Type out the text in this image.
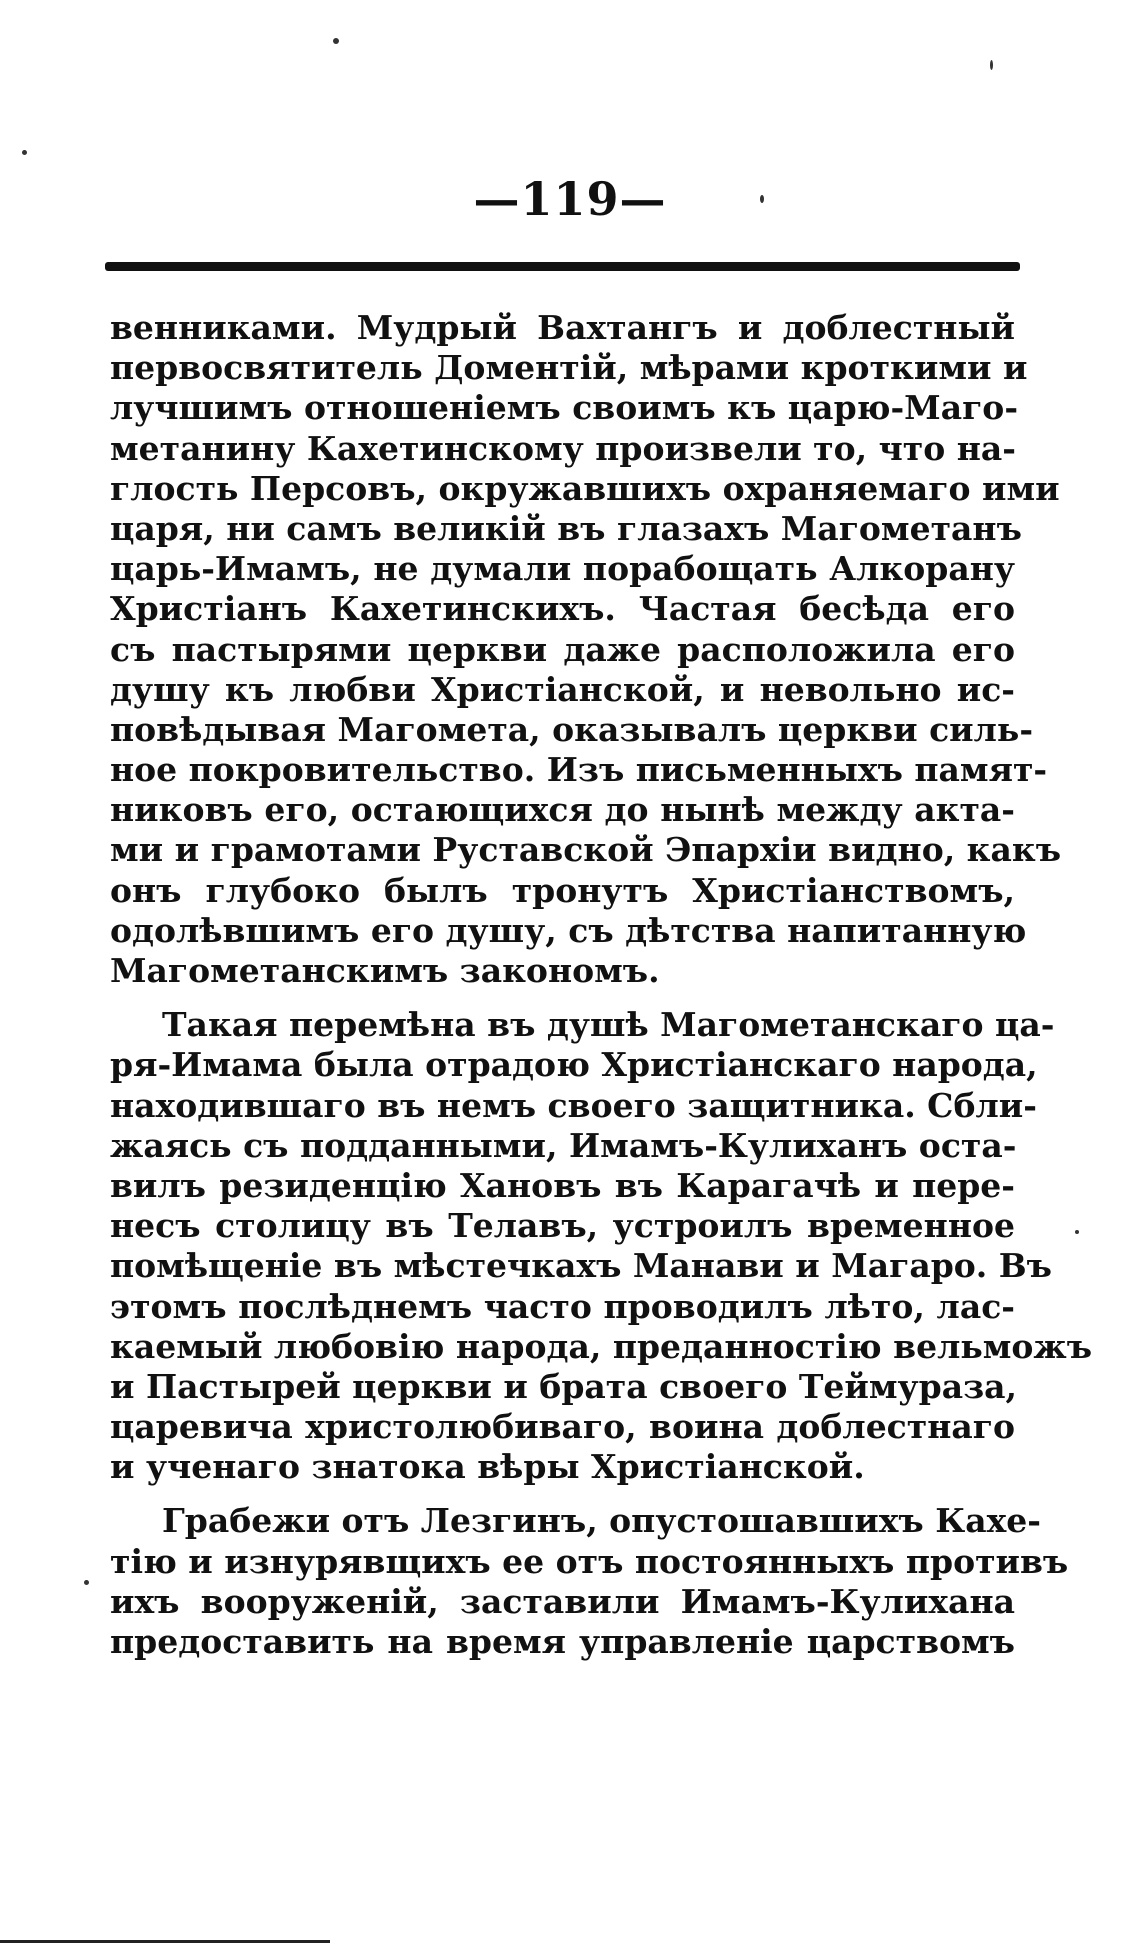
—119—
венниками. Мудрый Вахтангъ и доблестный
первосвятитель Доментій, мѣрами кроткими и
лучшимъ отношеніемъ своимъ къ царю-Маго-
метанину Кахетинскому произвели то, что на-
глость Персовъ, окружавшихъ охраняемаго ими
царя, ни самъ великій въ глазахъ Магометанъ
царь-Имамъ, не думали порабощать Алкорану
Христіанъ Кахетинскихъ. Частая бесѣда его
съ пастырями церкви даже расположила его
душу къ любви Христіанской, и невольно ис-
повѣдывая Магомета, оказывалъ церкви силь-
ное покровительство. Изъ письменныхъ памят-
никовъ его, остающихся до нынѣ между акта-
ми и грамотами Руставской Эпархіи видно, какъ
онъ глубоко былъ тронутъ Христіанствомъ,
одолѣвшимъ его душу, съ дѣтства напитанную
Магометанскимъ закономъ.
Такая перемѣна въ душѣ Магометанскаго ца-
ря-Имама была отрадою Христіанскаго народа,
находившаго въ немъ своего защитника. Сбли-
жаясь съ подданными, Имамъ-Кулиханъ оста-
вилъ резиденцію Хановъ въ Карагачѣ и пере-
несъ столицу въ Телавъ, устроилъ временное
помѣщеніе въ мѣстечкахъ Манави и Магаро. Въ
этомъ послѣднемъ часто проводилъ лѣто, лас-
каемый любовію народа, преданностію вельможъ
и Пастырей церкви и брата своего Теймураза,
царевича христолюбиваго, воина доблестнаго
и ученаго знатока вѣры Христіанской.
Грабежи отъ Лезгинъ, опустошавшихъ Кахе-
тію и изнурявщихъ ее отъ постоянныхъ противъ
ихъ вооруженій, заставили Имамъ-Кулихана
предоставить на время управленіе царствомъ
